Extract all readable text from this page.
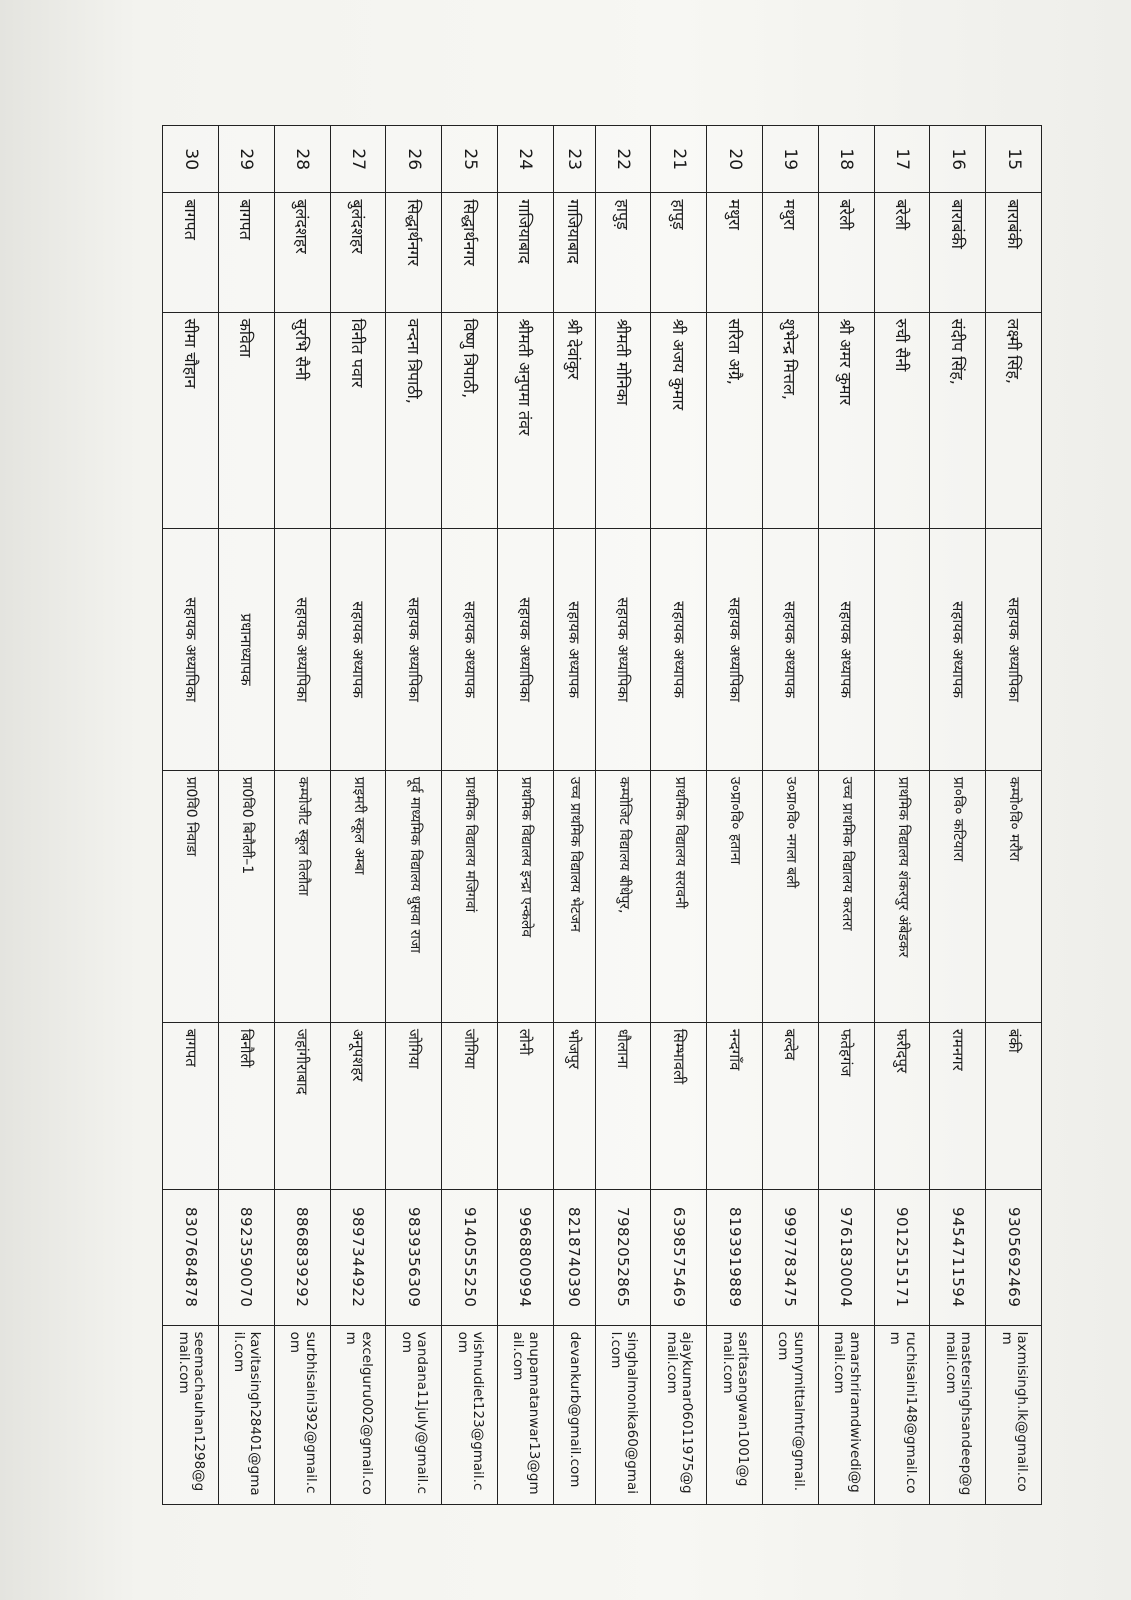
15	बाराबंकी	लक्ष्मी सिंह,	सहायक अध्यापिका	कम्पो०वि० मरौरा	बंकी	9305692469	laxmisingh.lk@gmail.com
16	बाराबंकी	संदीप सिंह,	सहायक अध्यापक	प्रा०वि० कटियारा	रामनगर	9454711594	mastersinghsandeep@gmail.com
17	बरेली	रुची सैनी		प्राथमिक विद्यालय शंकरपुर अंबेडकर	फरीदपुर	9012515171	ruchisaini148@gmail.com
18	बरेली	श्री अमर कुमार	सहायक अध्यापक	उच्च प्राथमिक विद्यालय करतरा	फतेहगंज	9761830004	amarshriramdwivedi@gmail.com
19	मथुरा	शुभेन्द्र मित्तल,	सहायक अध्यापक	उ०प्रा०वि० नगला बली	बल्देव	9997783475	sunnymittalmtr@gmail.com
20	मथुरा	सरिता अग्रै,	सहायक अध्यापिका	उ०प्रा०वि० हताना	नन्दगाँव	8193919889	saritasangwan1001@gmail.com
21	हापुड़	श्री अजय कुमार	सहायक अध्यापक	प्राथमिक विद्यालय सरावनी	सिम्भावली	6398575469	ajaykumar06011975@gmail.com
22	हापुड़	श्रीमती मोनिका	सहायक अध्यापिका	कम्पोजिट विद्यालय बीधेपुर,	धौलाना	7982052865	singhalmonika60@gmail.com
23	गाजियाबाद	श्री देवांकुर	सहायक अध्यापक	उच्च प्राथमिक विद्यालय भेटजन	भोजपुर	8218740390	devankurb@gmail.com
24	गाजियाबाद	श्रीमती अनुपमा तंवर	सहायक अध्यापिका	प्राथमिक विद्यालय इन्द्रा एन्कलेव	लोनी	9968800994	anupamatanwar13@gmail.com
25	सिद्धार्थनगर	विष्णु त्रिपाठी,	सहायक अध्यापक	प्राथमिक विद्यालय मजिगवां	जोगिया	9140555250	vishnudiet123@gmail.com
26	सिद्धार्थनगर	वन्दना त्रिपाठी,	सहायक अध्यापिका	पूर्व माध्यमिक विद्यालय धुसवा राजा	जोगिया	9839356309	vandana11july@gmail.com
27	बुलंदशहर	विनीत पवार	सहायक अध्यापक	प्राइमरी स्कूल अम्बा	अनूपशहर	9897344922	excelguru002@gmail.com
28	बुलंदशहर	सुरभि सैनी	सहायक अध्यापिका	कम्पोजीट स्कूल तिलौता	जहांगीराबाद	8868839292	surbhisaini392@gmail.com
29	बागपत	कविता	प्रधानाध्यापक	प्रा0वि0 बिनौली–1	बिनौली	8923590070	kavitasingh28401@gmail.com
30	बागपत	सीमा चौहान	सहायक अध्यापिका	प्रा0वि0 निवाडा	बागपत	8307684878	seemachauhan1298@gmail.com
